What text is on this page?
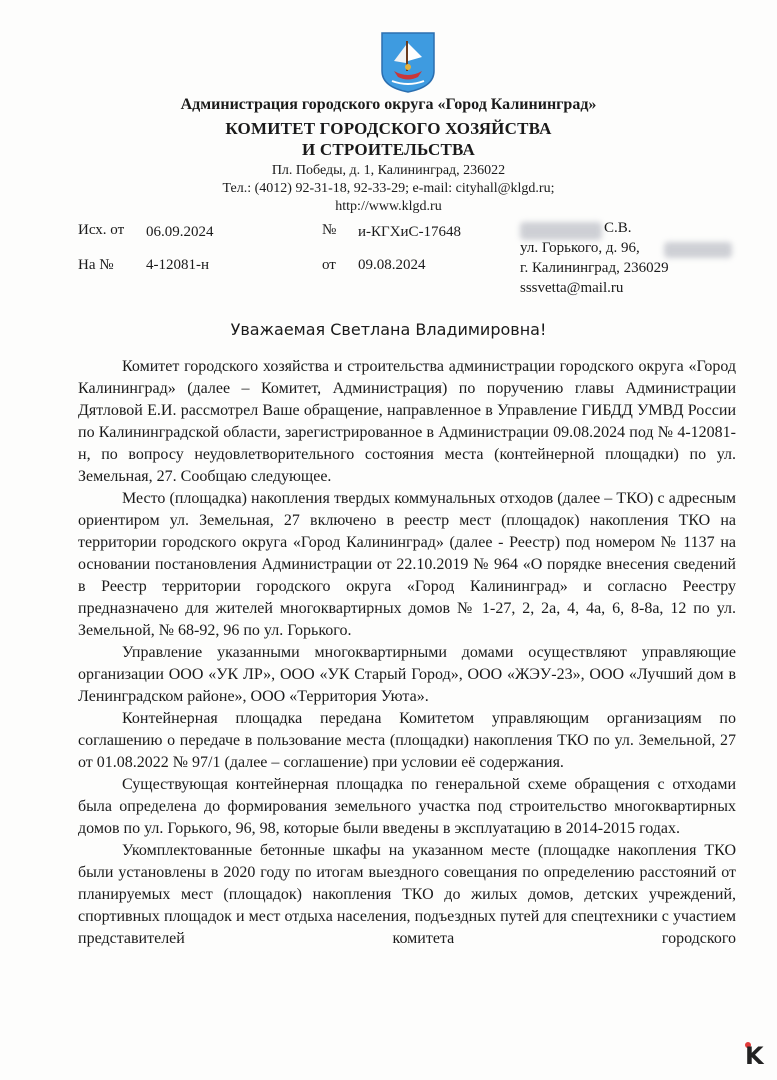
Администрация городского округа «Город Калининград»
КОМИТЕТ ГОРОДСКОГО ХОЗЯЙСТВА
И СТРОИТЕЛЬСТВА
Пл. Победы, д. 1, Калининград, 236022
Тел.: (4012) 92-31-18, 92-33-29; e-mail: cityhall@klgd.ru;
http://www.klgd.ru
Исх. от 06.09.2024	№ и-КГХиС-17648
На № 4-12081-н	от 09.08.2024
С.В.
ул. Горького, д. 96,
г. Калининград, 236029
sssvetta@mail.ru
Уважаемая Светлана Владимировна!

Комитет городского хозяйства и строительства администрации городского округа «Город Калининград» (далее – Комитет, Администрация) по поручению главы Администрации Дятловой Е.И. рассмотрел Ваше обращение, направленное в Управление ГИБДД УМВД России по Калининградской области, зарегистрированное в Администрации 09.08.2024 под № 4-12081-н, по вопросу неудовлетворительного состояния места (контейнерной площадки) по ул. Земельная, 27. Сообщаю следующее.

Место (площадка) накопления твердых коммунальных отходов (далее – ТКО) с адресным ориентиром ул. Земельная, 27 включено в реестр мест (площадок) накопления ТКО на территории городского округа «Город Калининград» (далее - Реестр) под номером № 1137 на основании постановления Администрации от 22.10.2019 № 964 «О порядке внесения сведений в Реестр территории городского округа «Город Калининград» и согласно Реестру предназначено для жителей многоквартирных домов № 1-27, 2, 2а, 4, 4а, 6, 8-8а, 12 по ул. Земельной, № 68-92, 96 по ул. Горького.

Управление указанными многоквартирными домами осуществляют управляющие организации ООО «УК ЛР», ООО «УК Старый Город», ООО «ЖЭУ-23», ООО «Лучший дом в Ленинградском районе», ООО «Территория Уюта».

Контейнерная площадка передана Комитетом управляющим организациям по соглашению о передаче в пользование места (площадки) накопления ТКО по ул. Земельной, 27 от 01.08.2022 № 97/1 (далее – соглашение) при условии её содержания.

Существующая контейнерная площадка по генеральной схеме обращения с отходами была определена до формирования земельного участка под строительство многоквартирных домов по ул. Горького, 96, 98, которые были введены в эксплуатацию в 2014-2015 годах.

Укомплектованные бетонные шкафы на указанном месте (площадке накопления ТКО были установлены в 2020 году по итогам выездного совещания по определению расстояний от планируемых мест (площадок) накопления ТКО до жилых домов, детских учреждений, спортивных площадок и мест отдыха населения, подъездных путей для спецтехники с участием представителей комитета городского

K
